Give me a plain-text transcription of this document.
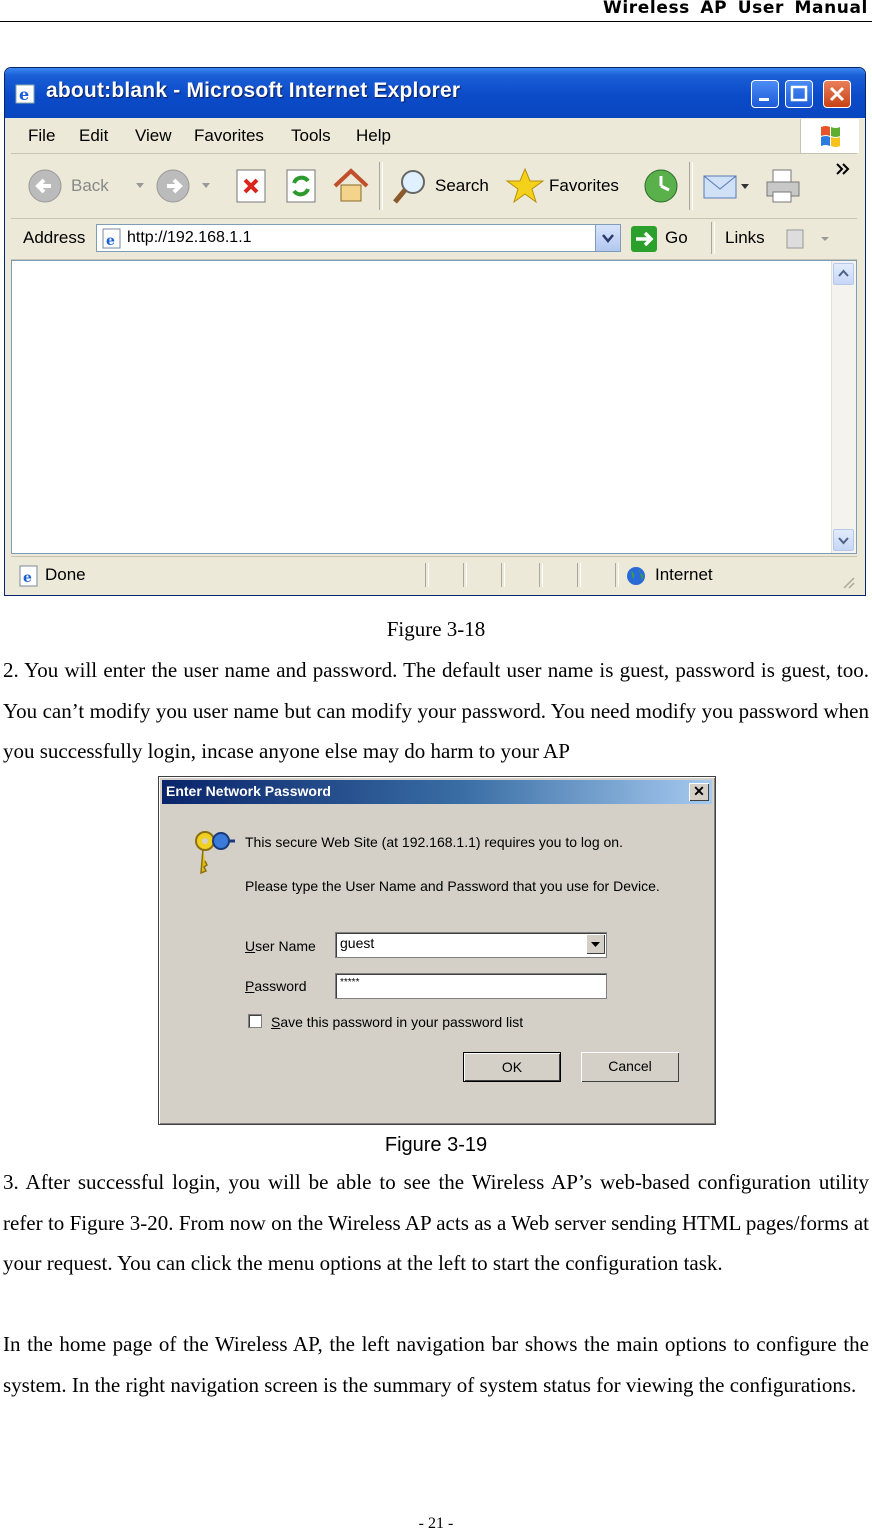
Wireless AP User Manual
e about:blank - Microsoft Internet Explorer
File Edit View Favorites Tools Help
Back	Search	Favorites
Address e http://192.168.1.1	Go Links
e Done	Internet
Figure 3-18

2. You will enter the user name and password. The default user name is guest, password is guest, too. You can’t modify you user name but can modify your password. You need modify you password when you successfully login, incase anyone else may do harm to your AP

Enter Network Password	✕
This secure Web Site (at 192.168.1.1) requires you to log on.
Please type the User Name and Password that you use for Device.
User Name guest
Password	*****
Save this password in your password list
OK	Cancel
Figure 3-19

3. After successful login, you will be able to see the Wireless AP’s web-based configuration utility refer to Figure 3-20. From now on the Wireless AP acts as a Web server sending HTML pages/forms at your request. You can click the menu options at the left to start the configuration task.

In the home page of the Wireless AP, the left navigation bar shows the main options to configure the system. In the right navigation screen is the summary of system status for viewing the configurations.

- 21 -
